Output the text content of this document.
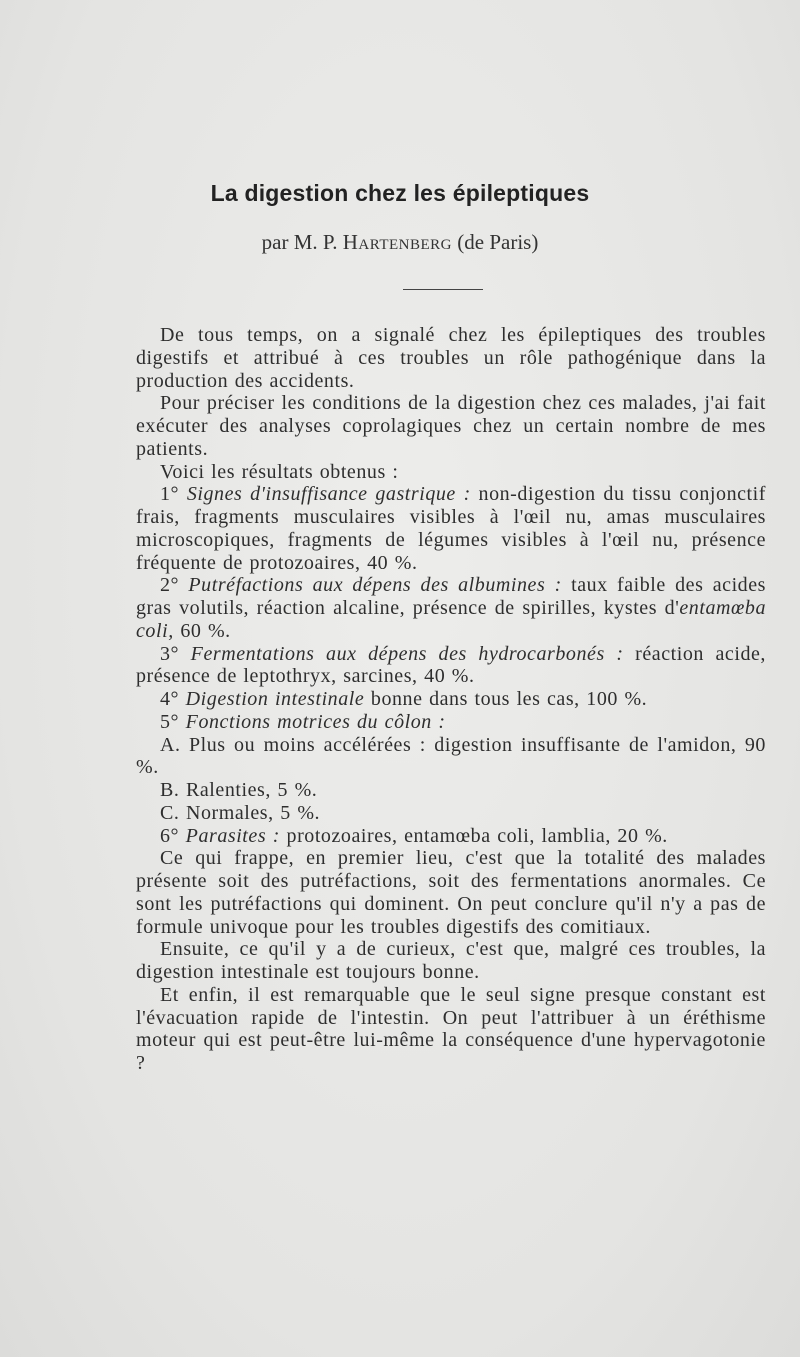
La digestion chez les épileptiques

par M. P. Hartenberg (de Paris)

De tous temps, on a signalé chez les épileptiques des troubles digestifs et attribué à ces troubles un rôle pathogénique dans la production des accidents.

Pour préciser les conditions de la digestion chez ces malades, j'ai fait exécuter des analyses coprolagiques chez un certain nombre de mes patients.

Voici les résultats obtenus :

1° Signes d'insuffisance gastrique : non-digestion du tissu conjonctif frais, fragments musculaires visibles à l'œil nu, amas musculaires microscopiques, fragments de légumes visibles à l'œil nu, présence fréquente de protozoaires, 40 %.

2° Putréfactions aux dépens des albumines : taux faible des acides gras volutils, réaction alcaline, présence de spirilles, kystes d'entamœba coli, 60 %.

3° Fermentations aux dépens des hydrocarbonés : réaction acide, présence de leptothryx, sarcines, 40 %.

4° Digestion intestinale bonne dans tous les cas, 100 %.

5° Fonctions motrices du côlon :

A. Plus ou moins accélérées : digestion insuffisante de l'amidon, 90 %.

B. Ralenties, 5 %.

C. Normales, 5 %.

6° Parasites : protozoaires, entamœba coli, lamblia, 20 %.

Ce qui frappe, en premier lieu, c'est que la totalité des malades présente soit des putréfactions, soit des fermentations anormales. Ce sont les putréfactions qui dominent. On peut conclure qu'il n'y a pas de formule univoque pour les troubles digestifs des comitiaux.

Ensuite, ce qu'il y a de curieux, c'est que, malgré ces troubles, la digestion intestinale est toujours bonne.

Et enfin, il est remarquable que le seul signe presque constant est l'évacuation rapide de l'intestin. On peut l'attribuer à un éréthisme moteur qui est peut-être lui-même la conséquence d'une hypervagotonie ?
